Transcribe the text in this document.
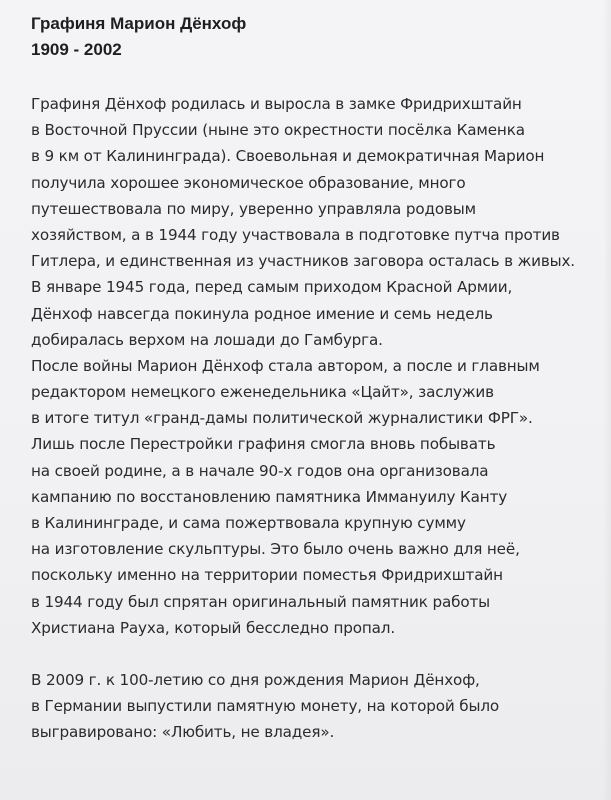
Графиня Марион Дёнхоф
1909 - 2002
Графиня Дёнхоф родилась и выросла в замке Фридрихштайн
в Восточной Пруссии (ныне это окрестности посёлка Каменка
в 9 км от Калининграда). Своевольная и демократичная Марион
получила хорошее экономическое образование, много
путешествовала по миру, уверенно управляла родовым
хозяйством, а в 1944 году участвовала в подготовке путча против
Гитлера, и единственная из участников заговора осталась в живых.
В январе 1945 года, перед самым приходом Красной Армии,
Дёнхоф навсегда покинула родное имение и семь недель
добиралась верхом на лошади до Гамбурга.
После войны Марион Дёнхоф стала автором, а после и главным
редактором немецкого еженедельника «Цайт», заслужив
в итоге титул «гранд-дамы политической журналистики ФРГ».
Лишь после Перестройки графиня смогла вновь побывать
на своей родине, а в начале 90-х годов она организовала
кампанию по восстановлению памятника Иммануилу Канту
в Калининграде, и сама пожертвовала крупную сумму
на изготовление скульптуры. Это было очень важно для неё,
поскольку именно на территории поместья Фридрихштайн
в 1944 году был спрятан оригинальный памятник работы
Христиана Рауха, который бесследно пропал.
В 2009 г. к 100-летию со дня рождения Марион Дёнхоф,
в Германии выпустили памятную монету, на которой было
выгравировано: «Любить, не владея».
